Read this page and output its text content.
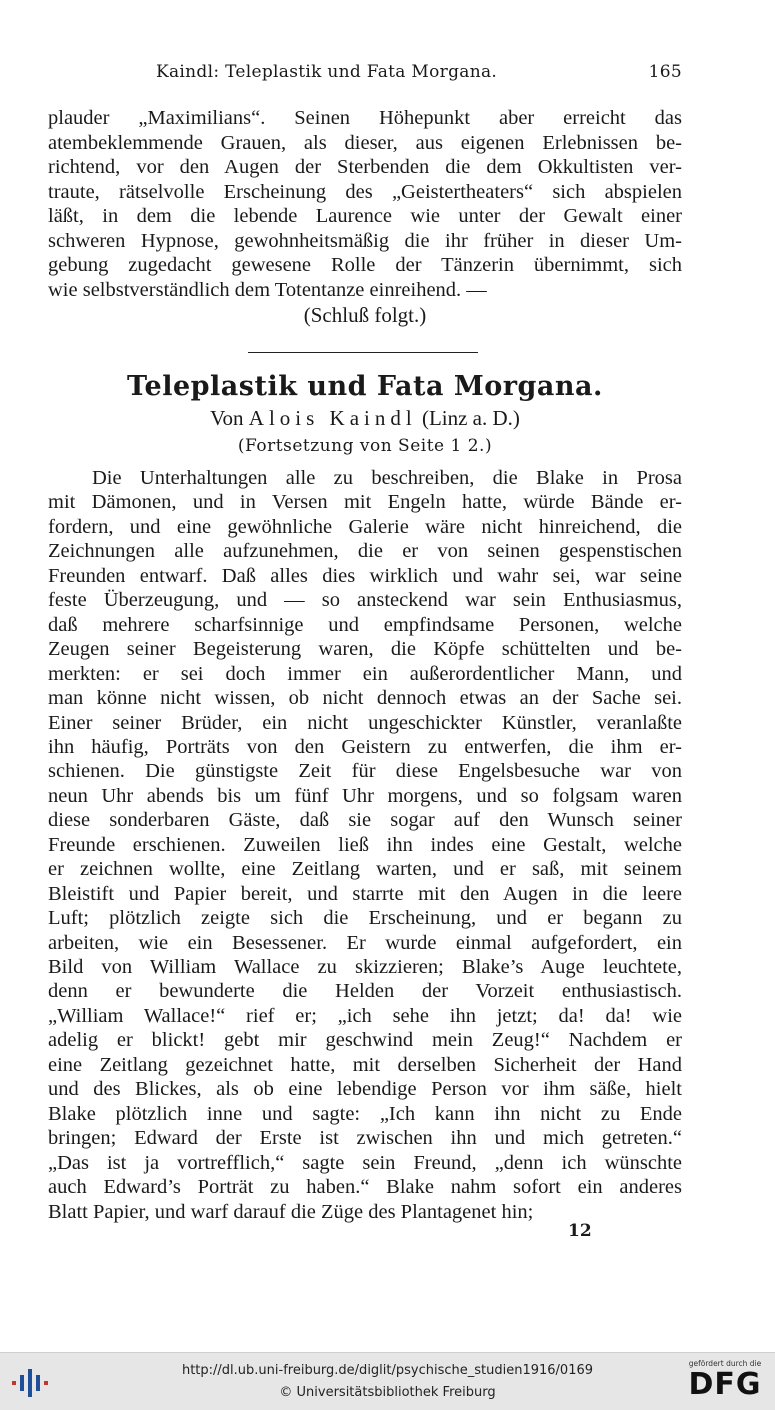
Kaindl: Teleplastik und Fata Morgana.	165
plauder „Maximilians“. Seinen Höhepunkt aber erreicht das
atembeklemmende Grauen, als dieser, aus eigenen Erlebnissen be-
richtend, vor den Augen der Sterbenden die dem Okkultisten ver-
traute, rätselvolle Erscheinung des „Geistertheaters“ sich abspielen
läßt, in dem die lebende Laurence wie unter der Gewalt einer
schweren Hypnose, gewohnheitsmäßig die ihr früher in dieser Um-
gebung zugedacht gewesene Rolle der Tänzerin übernimmt, sich
wie selbstverständlich dem Totentanze einreihend. —
(Schluß folgt.)
Teleplastik und Fata Morgana.
Von Alois Kaindl (Linz a. D.)
(Fortsetzung von Seite 1 2.)
Die Unterhaltungen alle zu beschreiben, die Blake in Prosa
mit Dämonen, und in Versen mit Engeln hatte, würde Bände er-
fordern, und eine gewöhnliche Galerie wäre nicht hinreichend, die
Zeichnungen alle aufzunehmen, die er von seinen gespenstischen
Freunden entwarf. Daß alles dies wirklich und wahr sei, war seine
feste Überzeugung, und — so ansteckend war sein Enthusiasmus,
daß mehrere scharfsinnige und empfindsame Personen, welche
Zeugen seiner Begeisterung waren, die Köpfe schüttelten und be-
merkten: er sei doch immer ein außerordentlicher Mann, und
man könne nicht wissen, ob nicht dennoch etwas an der Sache sei.
Einer seiner Brüder, ein nicht ungeschickter Künstler, veranlaßte
ihn häufig, Porträts von den Geistern zu entwerfen, die ihm er-
schienen. Die günstigste Zeit für diese Engelsbesuche war von
neun Uhr abends bis um fünf Uhr morgens, und so folgsam waren
diese sonderbaren Gäste, daß sie sogar auf den Wunsch seiner
Freunde erschienen. Zuweilen ließ ihn indes eine Gestalt, welche
er zeichnen wollte, eine Zeitlang warten, und er saß, mit seinem
Bleistift und Papier bereit, und starrte mit den Augen in die leere
Luft; plötzlich zeigte sich die Erscheinung, und er begann zu
arbeiten, wie ein Besessener. Er wurde einmal aufgefordert, ein
Bild von William Wallace zu skizzieren; Blake’s Auge leuchtete,
denn er bewunderte die Helden der Vorzeit enthusiastisch.
„William Wallace!“ rief er; „ich sehe ihn jetzt; da! da! wie
adelig er blickt! gebt mir geschwind mein Zeug!“ Nachdem er
eine Zeitlang gezeichnet hatte, mit derselben Sicherheit der Hand
und des Blickes, als ob eine lebendige Person vor ihm säße, hielt
Blake plötzlich inne und sagte: „Ich kann ihn nicht zu Ende
bringen; Edward der Erste ist zwischen ihn und mich getreten.“
„Das ist ja vortrefflich,“ sagte sein Freund, „denn ich wünschte
auch Edward’s Porträt zu haben.“ Blake nahm sofort ein anderes
Blatt Papier, und warf darauf die Züge des Plantagenet hin;
12
http://dl.ub.uni-freiburg.de/diglit/psychische_studien1916/0169
© Universitätsbibliothek Freiburg
gefördert durch die
DFG
